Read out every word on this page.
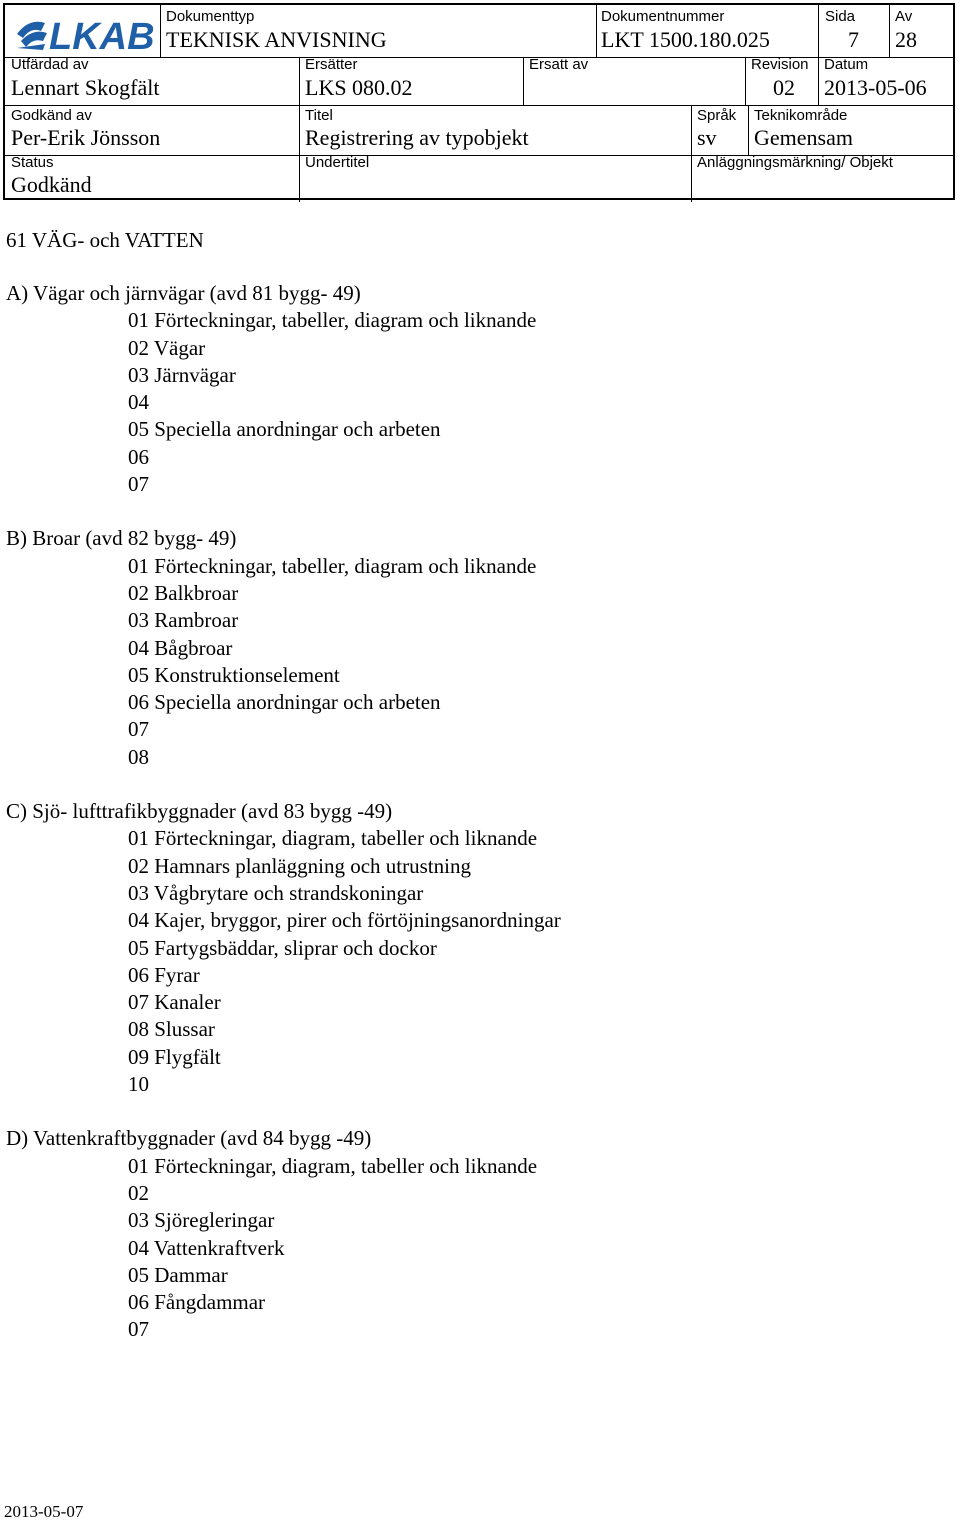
LKAB Dokumenttyp
TEKNISK ANVISNING
Dokumentnummer
LKT 1500.180.025
Sida
7
Av
28
Utfärdad av
Lennart Skogfält
Ersätter
LKS 080.02
Ersatt av	Revision
02
Datum
2013-05-06
Godkänd av
Per-Erik Jönsson
Titel
Registrering av typobjekt
Språk
sv
Teknikområde
Gemensam
Status
Godkänd
Undertitel	Anläggningsmärkning/ Objekt
61 VÄG- och VATTEN
A) Vägar och järnvägar (avd 81 bygg- 49)
01 Förteckningar, tabeller, diagram och liknande
02 Vägar
03 Järnvägar
04
05 Speciella anordningar och arbeten
06
07
B) Broar (avd 82 bygg- 49)
01 Förteckningar, tabeller, diagram och liknande
02 Balkbroar
03 Rambroar
04 Bågbroar
05 Konstruktionselement
06 Speciella anordningar och arbeten
07
08
C) Sjö- lufttrafikbyggnader (avd 83 bygg -49)
01 Förteckningar, diagram, tabeller och liknande
02 Hamnars planläggning och utrustning
03 Vågbrytare och strandskoningar
04 Kajer, bryggor, pirer och förtöjningsanordningar
05 Fartygsbäddar, sliprar och dockor
06 Fyrar
07 Kanaler
08 Slussar
09 Flygfält
10
D) Vattenkraftbyggnader (avd 84 bygg -49)
01 Förteckningar, diagram, tabeller och liknande
02
03 Sjöregleringar
04 Vattenkraftverk
05 Dammar
06 Fångdammar
07
2013-05-07
